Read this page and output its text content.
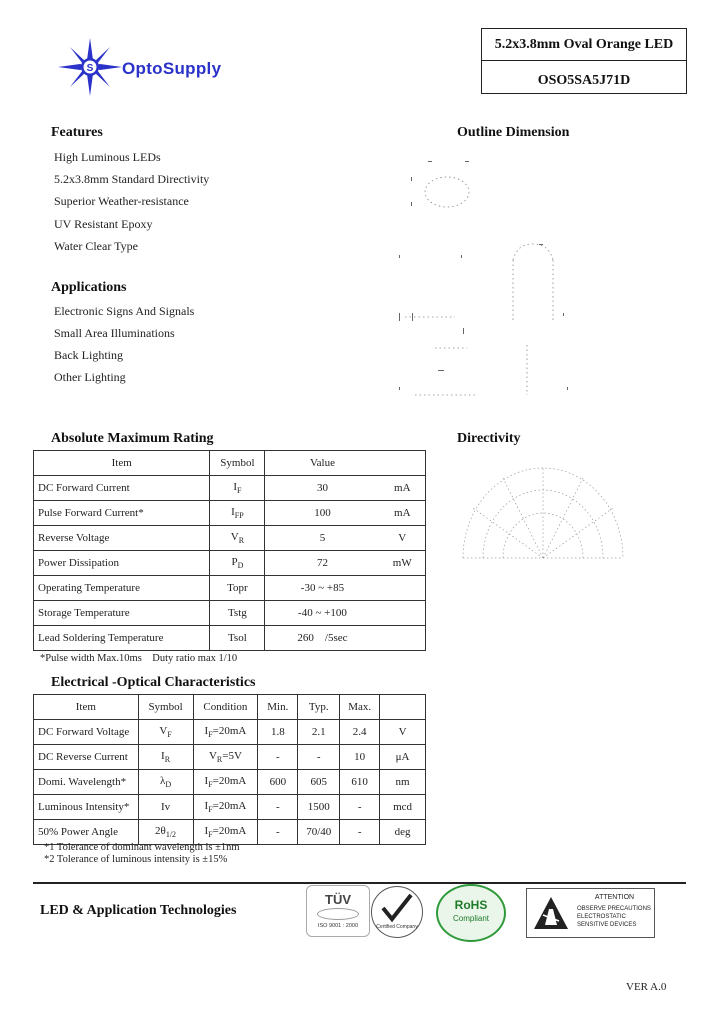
S OptoSupply
5.2x3.8mm Oval Orange LED
OSO5SA5J71D
Features
High Luminous LEDs
5.2x3.8mm Standard Directivity
Superior Weather-resistance
UV Resistant Epoxy
Water Clear Type
Applications
Electronic Signs And Signals
Small Area Illuminations
Back Lighting
Other Lighting
Outline Dimension
Directivity
Absolute Maximum Rating
Item	Symbol	Value	
DC Forward Current	$I_F$	30	mA
Pulse Forward Current*	$I_{FP}$	100	mA
Reverse Voltage	$V_R$	5	V
Power Dissipation	$P_D$	72	mW
Operating Temperature	Topr	-30 ~ +85	
Storage Temperature	Tstg	-40 ~ +100	
Lead Soldering Temperature	Tsol	260    /5sec	
*Pulse width Max.10ms    Duty ratio max 1/10
Electrical -Optical Characteristics
Item	Symbol	Condition	Min.	Typ.	Max.	
DC Forward Voltage	$V_F$	$I_F=20mA$	1.8	2.1	2.4	V
DC Reverse Current	$I_R$	$V_R=5V$	-	-	10	μA
Domi. Wavelength*	$\lambda_D$	$I_F=20mA$	600	605	610	nm
Luminous Intensity*	Iv	$I_F=20mA$	-	1500	-	mcd
50% Power Angle	$2\theta_{1/2}$	$I_F=20mA$	-	70/40	-	deg
*1 Tolerance of dominant wavelength is ±1nm
*2 Tolerance of luminous intensity is ±15%
LED & Application Technologies
TÜV
ISO 9001 : 2000	Certified Company
RoHS
Compliant
ATTENTION
OBSERVE PRECAUTIONS
ELECTROSTATIC
SENSITIVE DEVICES
VER A.0
